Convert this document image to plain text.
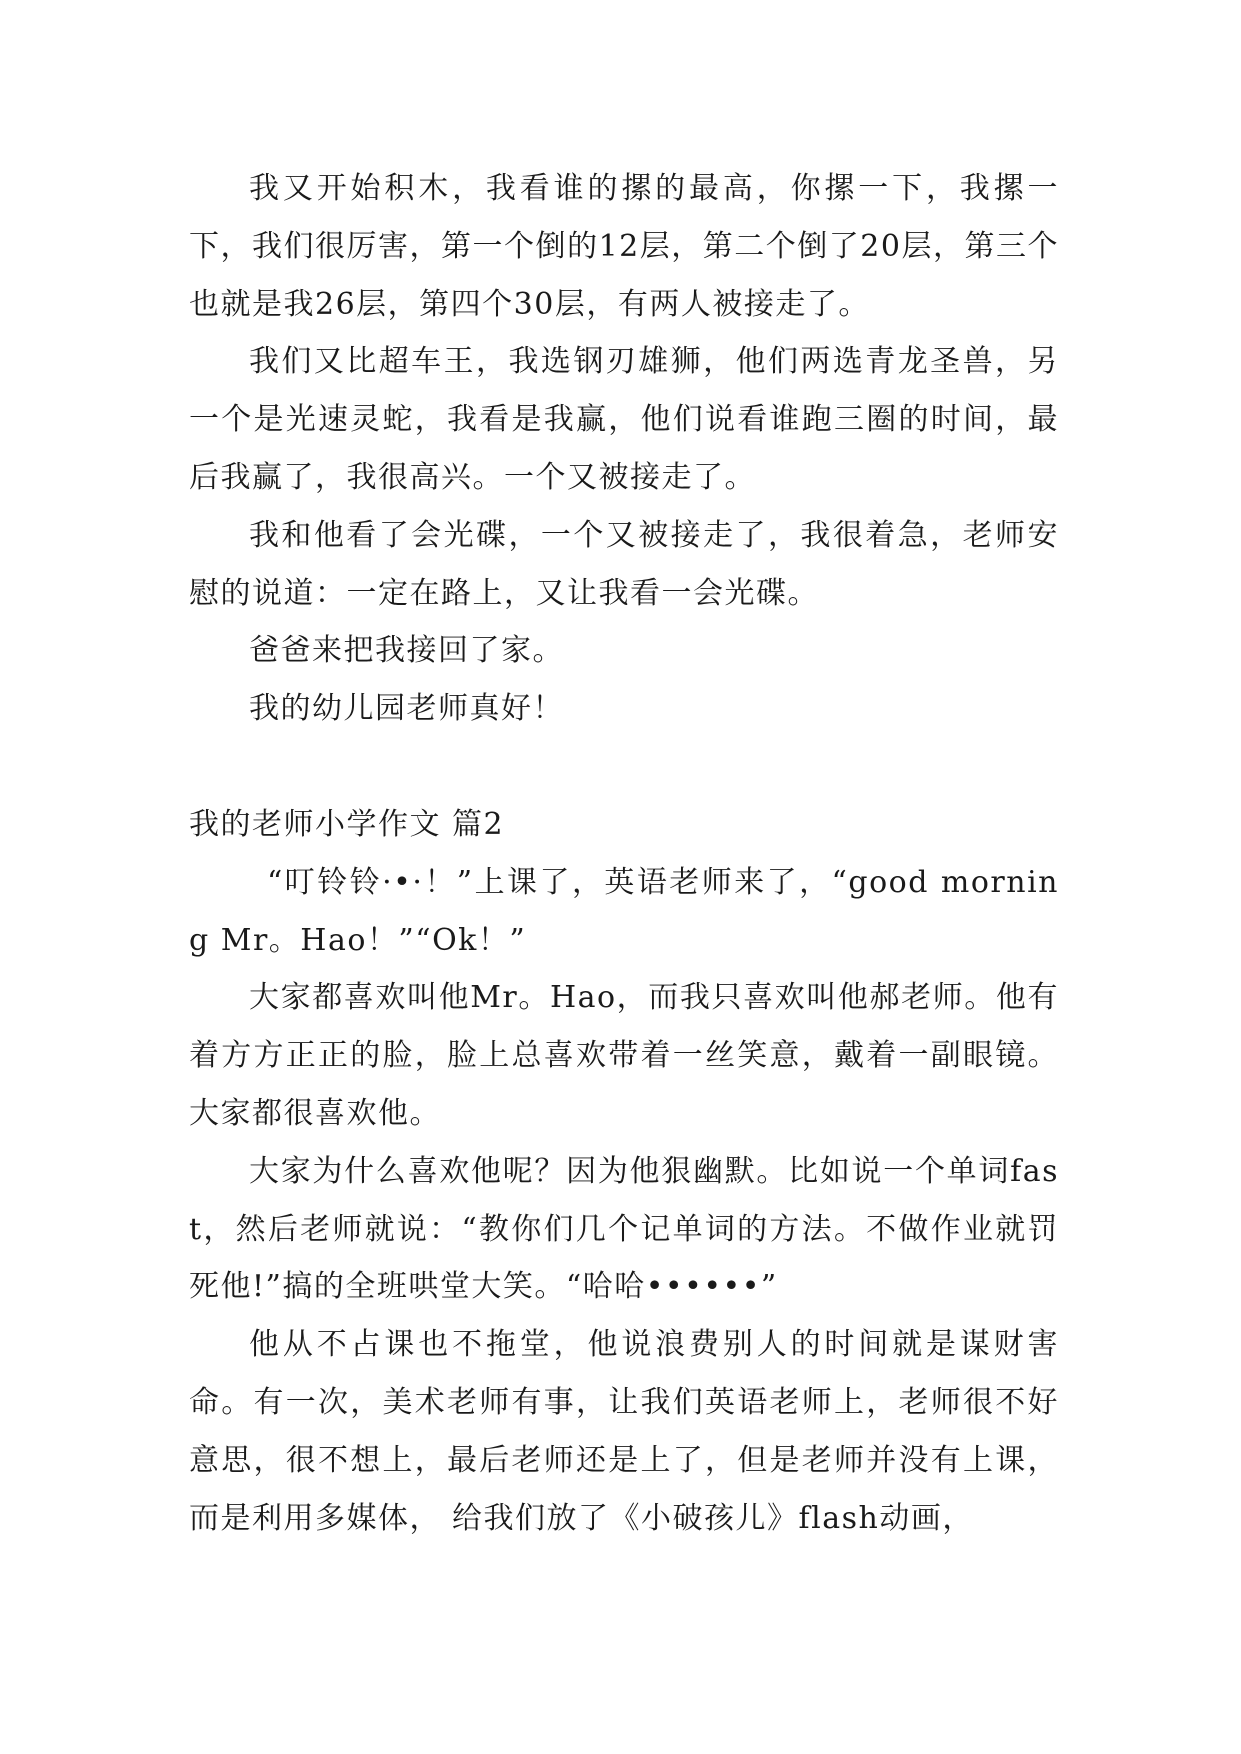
我又开始积木，我看谁的摞的最高，你摞一下，我摞一下，我们很厉害，第一个倒的12层，第二个倒了20层，第三个也就是我26层，第四个30层，有两人被接走了。

我们又比超车王，我选钢刃雄狮，他们两选青龙圣兽，另一个是光速灵蛇，我看是我赢，他们说看谁跑三圈的时间，最后我赢了，我很高兴。一个又被接走了。

我和他看了会光碟，一个又被接走了，我很着急，老师安慰的说道：一定在路上，又让我看一会光碟。

爸爸来把我接回了家。

我的幼儿园老师真好！

我的老师小学作文 篇2

“叮铃铃·•·！”上课了，英语老师来了，“good morning Mr。Hao！”“Ok！”

大家都喜欢叫他Mr。Hao，而我只喜欢叫他郝老师。他有着方方正正的脸，脸上总喜欢带着一丝笑意，戴着一副眼镜。大家都很喜欢他。

大家为什么喜欢他呢？因为他狠幽默。比如说一个单词fast，然后老师就说：“教你们几个记单词的方法。不做作业就罚死他!”搞的全班哄堂大笑。“哈哈••••••”

他从不占课也不拖堂，他说浪费别人的时间就是谋财害命。有一次，美术老师有事，让我们英语老师上，老师很不好意思，很不想上，最后老师还是上了，但是老师并没有上课，而是利用多媒体， 给我们放了《小破孩儿》flash动画，
